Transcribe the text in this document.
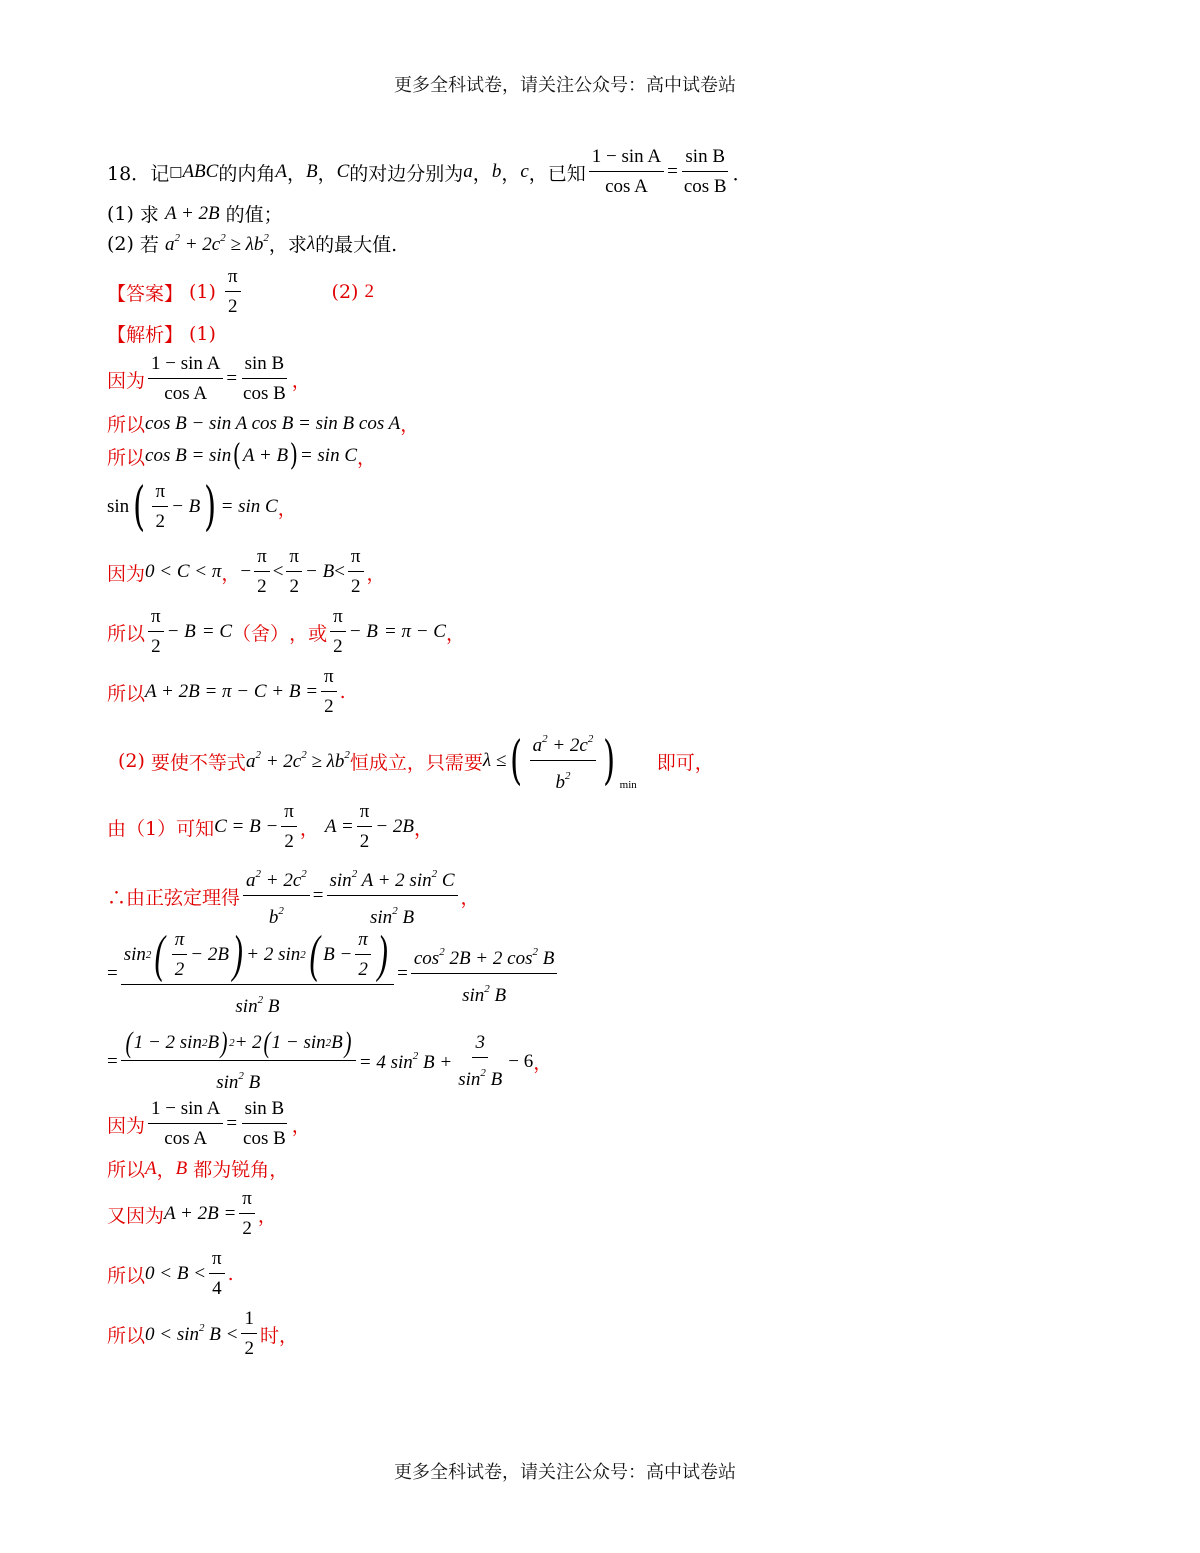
更多全科试卷，请关注公众号：高中试卷站
18． 记 □ ABC 的内角 A ， B ， C 的对边分别为 a ， b ， c ， 已知 $\frac{\text{1 − sin A}}{\text{cos A}} = \frac{\text{sin B}}{\text{cos B}}$ ．
(1) 求 A + 2B 的值；
(2) 若 $a^2 + 2c^2 \ge \lambda b^2$ ，求 λ 的最大值.
【答案】 $(1) \frac{\pi}{2}$	(2) 2
【解析】 (1)
因为 $\frac{\text{1 − sin A}}{\text{cos A}} = \frac{\text{sin B}}{\text{cos B}}$ ，
所以 cos B − sin A cos B = sin B cos A ，
所以 cos B = sin ( A + B ) = sin C ，
sin ( $\frac{\pi}{2} - B$ ) = sin C ，
因为 0 < C < π ， − $\frac{\pi}{2} < \frac{\pi}{2} - B < \frac{\pi}{2}$ ，
所以 $\frac{\pi}{2} - B = C$ （舍） ， 或 $\frac{\pi}{2} - B = \pi - C$ ，
所以 $A + 2B = \pi - C + B = \frac{\pi}{2}$ .
(2) 要使不等式 $a^2 + 2c^2 \ge \lambda b^2$ 恒成立，只需要 λ ≤ ( $\frac{a^2 + 2c^2}{b^2}$ ) min
即可，
由（1）可知 $C = B - \frac{\pi}{2}$ ， $A = \frac{\pi}{2} - 2B$ ，
∴由正弦定理得 $\frac{a^2 + 2c^2}{b^2} = \frac{\sin^2 A + 2 \sin^2 C}{\sin^2 B}$ ，
= $\frac{\sin 2 ( \frac{\pi}{2} - 2B ) + 2 \sin 2 ( B - \frac{\pi}{2} )}{\sin^2 B} = \frac{\cos^2 2B + 2 \cos^2 B}{\sin^2 B}$
= $\frac{( 1 - 2 \sin 2 B ) 2 + 2 ( 1 - \sin 2 B )}{\sin^2 B} = 4$ $\sin^2 B + \frac{3}{\sin^2 B} - 6$ ，
因为 $\frac{\text{1 − sin A}}{\text{cos A}} = \frac{\text{sin B}}{\text{cos B}}$ ，
所以 A ， B 都为锐角，
又因为 $A + 2B = \frac{\pi}{2}$ ，
所以 $0 < B < \frac{\pi}{4}$ .
所以 $0 < \sin^2 B < \frac{1}{2}$ 时，
更多全科试卷，请关注公众号：高中试卷站
